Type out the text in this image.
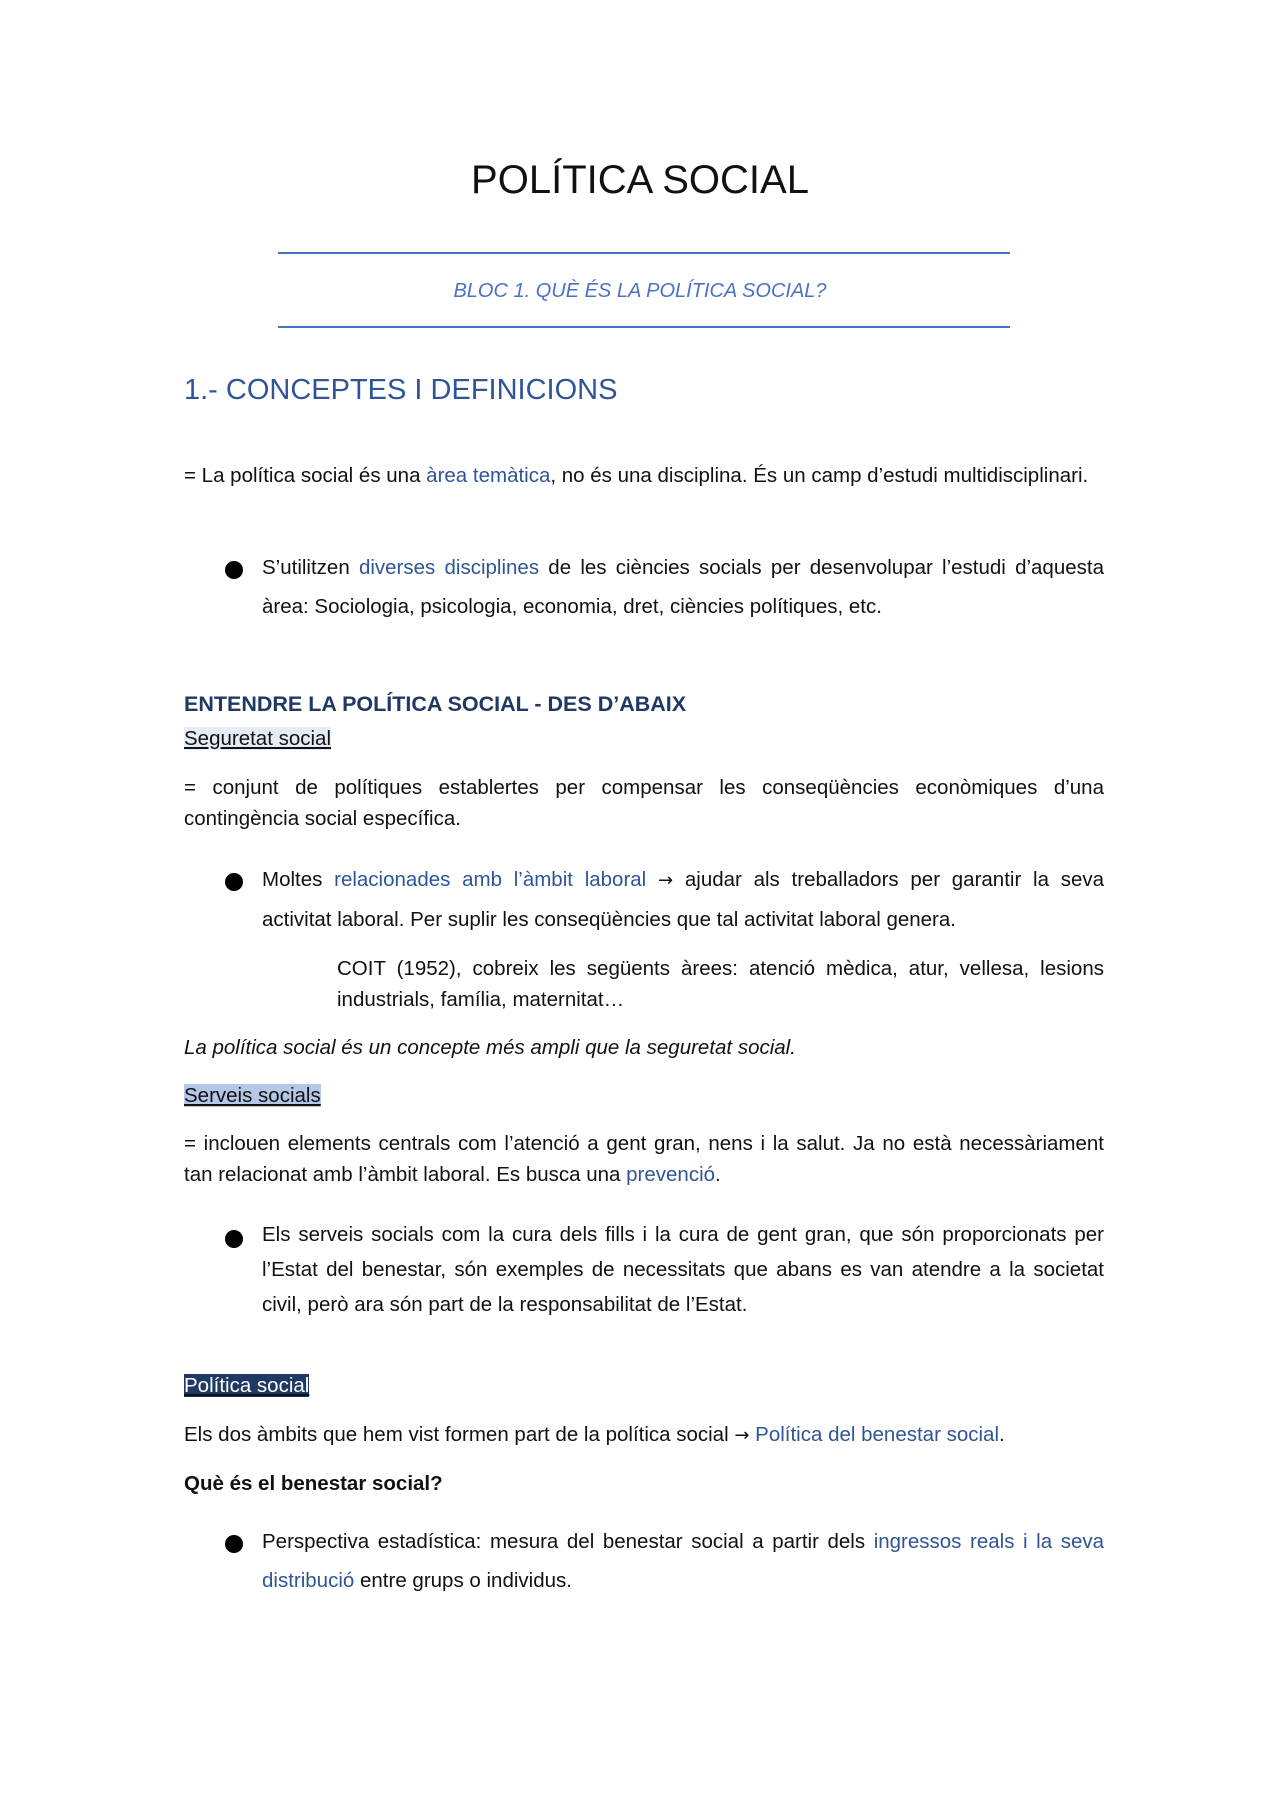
POLÍTICA SOCIAL

BLOC 1. QUÈ ÉS LA POLÍTICA SOCIAL?

1.- CONCEPTES I DEFINICIONS

= La política social és una àrea temàtica, no és una disciplina. És un camp d’estudi multidisciplinari.

S’utilitzen diverses disciplines de les ciències socials per desenvolupar l’estudi d’aquesta àrea: Sociologia, psicologia, economia, dret, ciències polítiques, etc.

ENTENDRE LA POLÍTICA SOCIAL - DES D’ABAIX

Seguretat social

= conjunt de polítiques establertes per compensar les conseqüències econòmiques d’una contingència social específica.

Moltes relacionades amb l’àmbit laboral → ajudar als treballadors per garantir la seva activitat laboral. Per suplir les conseqüències que tal activitat laboral genera.

COIT (1952), cobreix les següents àrees: atenció mèdica, atur, vellesa, lesions industrials, família, maternitat…

La política social és un concepte més ampli que la seguretat social.

Serveis socials

= inclouen elements centrals com l’atenció a gent gran, nens i la salut. Ja no està necessàriament tan relacionat amb l’àmbit laboral. Es busca una prevenció.

Els serveis socials com la cura dels fills i la cura de gent gran, que són proporcionats per l’Estat del benestar, són exemples de necessitats que abans es van atendre a la societat civil, però ara són part de la responsabilitat de l’Estat.

Política social

Els dos àmbits que hem vist formen part de la política social → Política del benestar social.

Què és el benestar social?

Perspectiva estadística: mesura del benestar social a partir dels ingressos reals i la seva distribució entre grups o individus.
